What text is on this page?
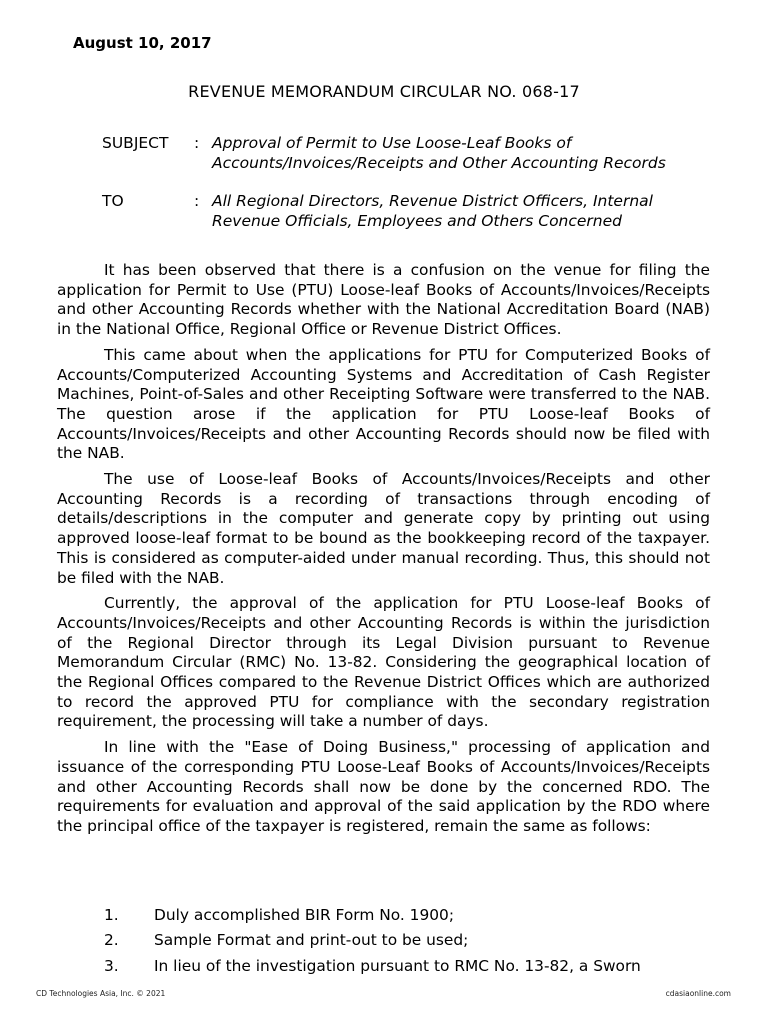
August 10, 2017
REVENUE MEMORANDUM CIRCULAR NO. 068-17
SUBJECT	: Approval of Permit to Use Loose-Leaf Books of
Accounts/Invoices/Receipts and Other Accounting Records
TO	: All Regional Directors, Revenue District Officers, Internal
Revenue Officials, Employees and Others Concerned

It has been observed that there is a confusion on the venue for filing the application for Permit to Use (PTU) Loose-leaf Books of Accounts/Invoices/Receipts and other Accounting Records whether with the National Accreditation Board (NAB) in the National Office, Regional Office or Revenue District Offices.

This came about when the applications for PTU for Computerized Books of Accounts/Computerized Accounting Systems and Accreditation of Cash Register Machines, Point-of-Sales and other Receipting Software were transferred to the NAB. The question arose if the application for PTU Loose-leaf Books of Accounts/Invoices/Receipts and other Accounting Records should now be filed with the NAB.

The use of Loose-leaf Books of Accounts/Invoices/Receipts and other Accounting Records is a recording of transactions through encoding of details/descriptions in the computer and generate copy by printing out using approved loose-leaf format to be bound as the bookkeeping record of the taxpayer. This is considered as computer-aided under manual recording. Thus, this should not be filed with the NAB.

Currently, the approval of the application for PTU Loose-leaf Books of Accounts/Invoices/Receipts and other Accounting Records is within the jurisdiction of the Regional Director through its Legal Division pursuant to Revenue Memorandum Circular (RMC) No. 13-82. Considering the geographical location of the Regional Offices compared to the Revenue District Offices which are authorized to record the approved PTU for compliance with the secondary registration requirement, the processing will take a number of days.

In line with the "Ease of Doing Business," processing of application and issuance of the corresponding PTU Loose-Leaf Books of Accounts/Invoices/Receipts and other Accounting Records shall now be done by the concerned RDO. The requirements for evaluation and approval of the said application by the RDO where the principal office of the taxpayer is registered, remain the same as follows:

1. Duly accomplished BIR Form No. 1900;
2. Sample Format and print-out to be used;
3. In lieu of the investigation pursuant to RMC No. 13-82, a Sworn
CD Technologies Asia, Inc. © 2021	cdasiaonline.com
